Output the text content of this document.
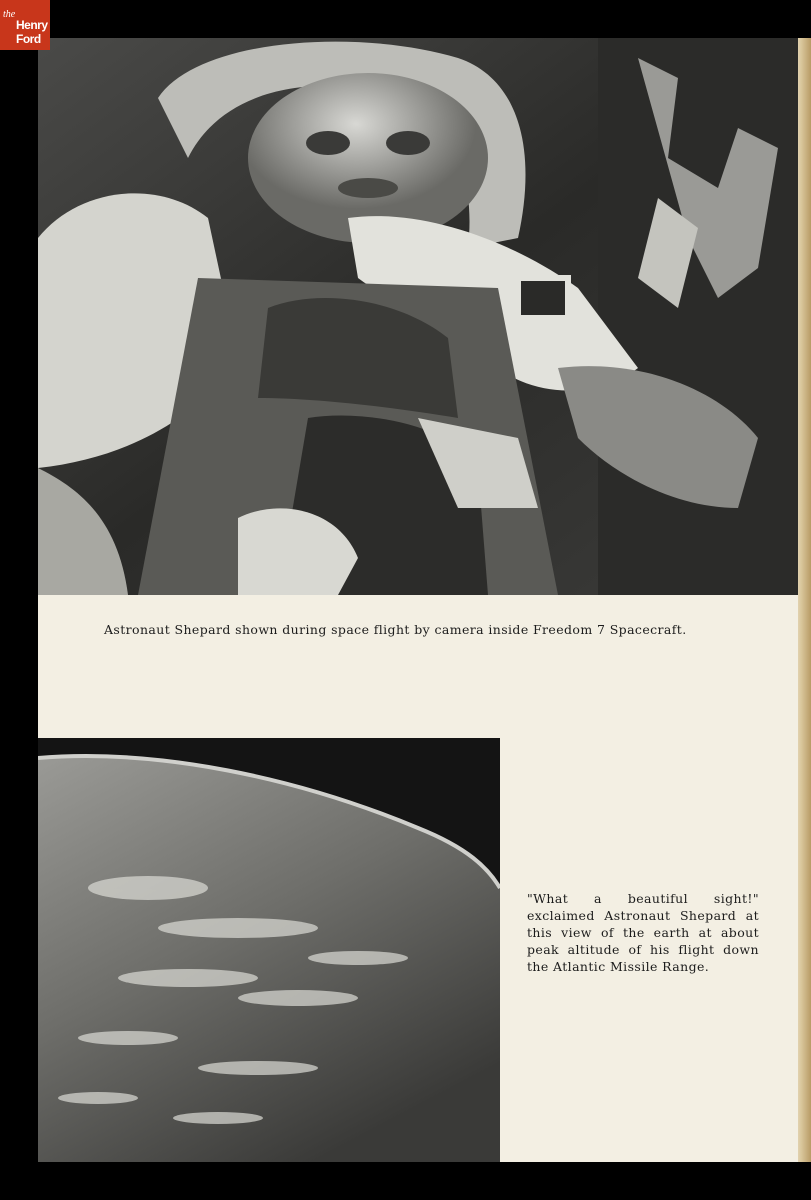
the
Henry
Ford

Astronaut Shepard shown during space flight by camera inside Freedom 7 Spacecraft.

"What a beautiful sight!" exclaimed Astronaut Shepard at this view of the earth at about peak altitude of his flight down the Atlantic Missile Range.
